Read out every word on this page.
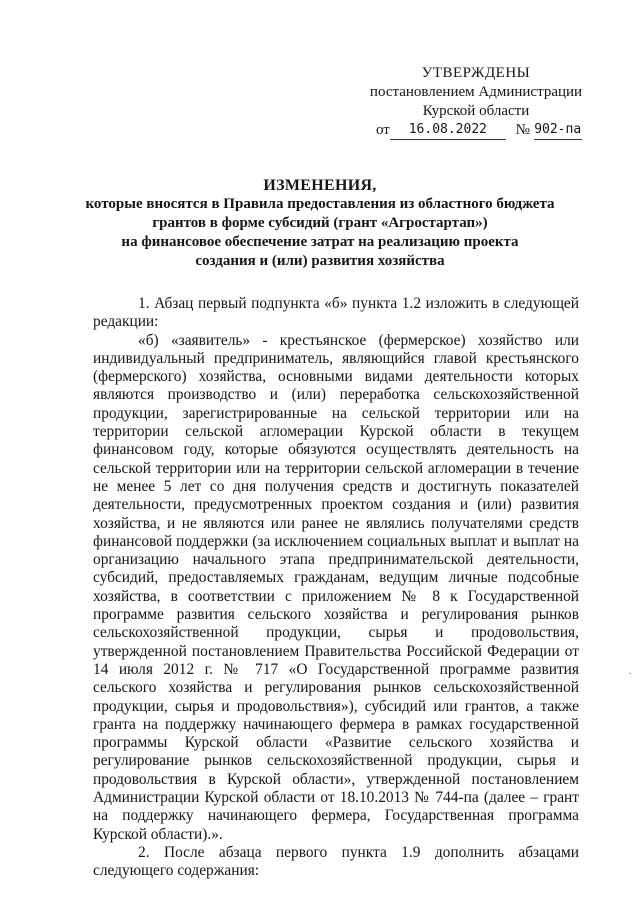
УТВЕРЖДЕНЫ
постановлением Администрации
Курской области
от	16.08.2022	№ 902-па
ИЗМЕНЕНИЯ,
которые вносятся в Правила предоставления из областного бюджета
грантов в форме субсидий (грант «Агростартап»)
на финансовое обеспечение затрат на реализацию проекта
создания и (или) развития хозяйства

1. Абзац первый подпункта «б» пункта 1.2 изложить в следующей редакции:

«б) «заявитель» - крестьянское (фермерское) хозяйство или индивидуальный предприниматель, являющийся главой крестьянского (фермерского) хозяйства, основными видами деятельности которых являются производство и (или) переработка сельскохозяйственной продукции, зарегистрированные на сельской территории или на территории сельской агломерации Курской области в текущем финансовом году, которые обязуются осуществлять деятельность на сельской территории или на территории сельской агломерации в течение не менее 5 лет со дня получения средств и достигнуть показателей деятельности, предусмотренных проектом создания и (или) развития хозяйства, и не являются или ранее не являлись получателями средств финансовой поддержки (за исключением социальных выплат и выплат на организацию начального этапа предпринимательской деятельности, субсидий, предоставляемых гражданам, ведущим личные подсобные хозяйства, в соответствии с приложением № 8 к Государственной программе развития сельского хозяйства и регулирования рынков сельскохозяйственной продукции, сырья и продовольствия, утвержденной постановлением Правительства Российской Федерации от 14 июля 2012 г. № 717 «О Государственной программе развития сельского хозяйства и регулирования рынков сельскохозяйственной продукции, сырья и продовольствия»), субсидий или грантов, а также гранта на поддержку начинающего фермера в рамках государственной программы Курской области «Развитие сельского хозяйства и регулирование рынков сельскохозяйственной продукции, сырья и продовольствия в Курской области», утвержденной постановлением Администрации Курской области от 18.10.2013 № 744-па (далее – грант на поддержку начинающего фермера, Государственная программа Курской области).».

2. После абзаца первого пункта 1.9 дополнить абзацами следующего содержания:

·
